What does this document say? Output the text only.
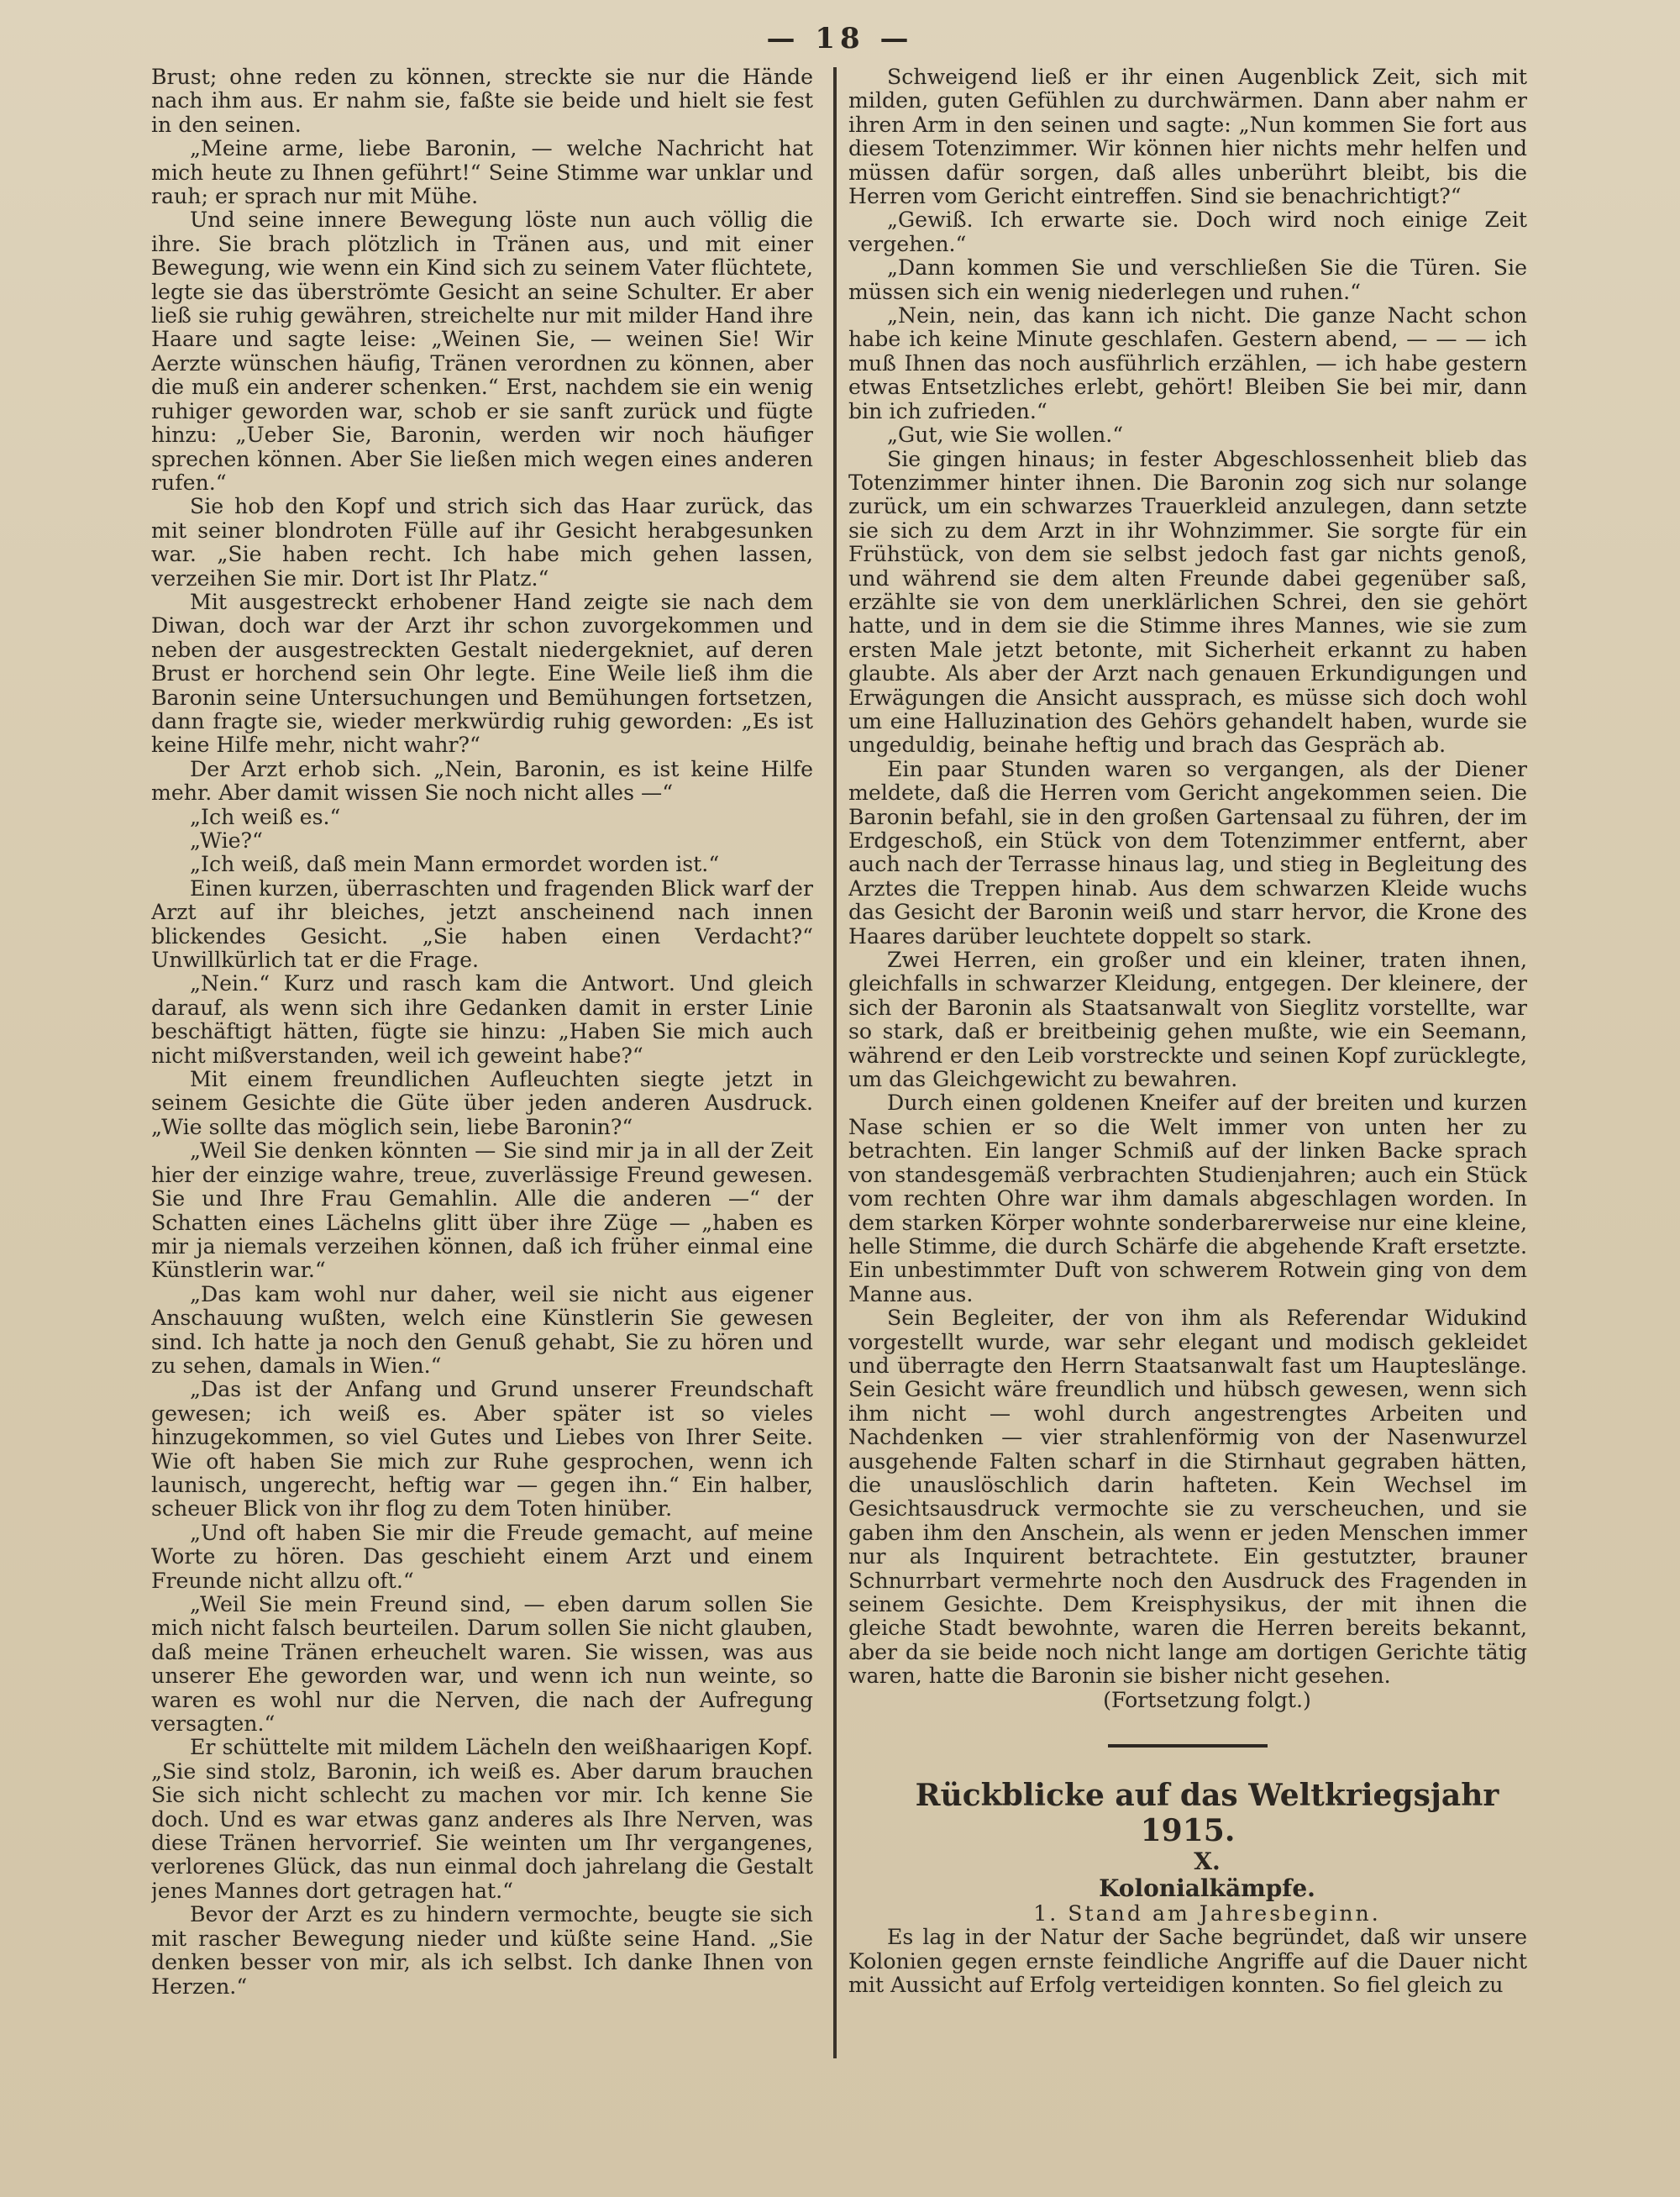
— 18 —

Brust; ohne reden zu können, streckte sie nur die Hände nach ihm aus. Er nahm sie, faßte sie beide und hielt sie fest in den seinen.

„Meine arme, liebe Baronin, — welche Nachricht hat mich heute zu Ihnen geführt!“ Seine Stimme war unklar und rauh; er sprach nur mit Mühe.

Und seine innere Bewegung löste nun auch völlig die ihre. Sie brach plötzlich in Tränen aus, und mit einer Bewegung, wie wenn ein Kind sich zu seinem Vater flüchtete, legte sie das überströmte Gesicht an seine Schulter. Er aber ließ sie ruhig gewähren, streichelte nur mit milder Hand ihre Haare und sagte leise: „Weinen Sie, — weinen Sie! Wir Aerzte wünschen häufig, Tränen verordnen zu können, aber die muß ein anderer schenken.“ Erst, nachdem sie ein wenig ruhiger geworden war, schob er sie sanft zurück und fügte hinzu: „Ueber Sie, Baronin, werden wir noch häufiger sprechen können. Aber Sie ließen mich wegen eines anderen rufen.“

Sie hob den Kopf und strich sich das Haar zurück, das mit seiner blondroten Fülle auf ihr Gesicht herabgesunken war. „Sie haben recht. Ich habe mich gehen lassen, verzeihen Sie mir. Dort ist Ihr Platz.“

Mit ausgestreckt erhobener Hand zeigte sie nach dem Diwan, doch war der Arzt ihr schon zuvorgekommen und neben der ausgestreckten Gestalt niedergekniet, auf deren Brust er horchend sein Ohr legte. Eine Weile ließ ihm die Baronin seine Untersuchungen und Bemühungen fortsetzen, dann fragte sie, wieder merkwürdig ruhig geworden: „Es ist keine Hilfe mehr, nicht wahr?“

Der Arzt erhob sich. „Nein, Baronin, es ist keine Hilfe mehr. Aber damit wissen Sie noch nicht alles —“

„Ich weiß es.“

„Wie?“

„Ich weiß, daß mein Mann ermordet worden ist.“

Einen kurzen, überraschten und fragenden Blick warf der Arzt auf ihr bleiches, jetzt anscheinend nach innen blickendes Gesicht. „Sie haben einen Verdacht?“ Unwillkürlich tat er die Frage.

„Nein.“ Kurz und rasch kam die Antwort. Und gleich darauf, als wenn sich ihre Gedanken damit in erster Linie beschäftigt hätten, fügte sie hinzu: „Haben Sie mich auch nicht mißverstanden, weil ich geweint habe?“

Mit einem freundlichen Aufleuchten siegte jetzt in seinem Gesichte die Güte über jeden anderen Ausdruck. „Wie sollte das möglich sein, liebe Baronin?“

„Weil Sie denken könnten — Sie sind mir ja in all der Zeit hier der einzige wahre, treue, zuverlässige Freund gewesen. Sie und Ihre Frau Gemahlin. Alle die anderen —“ der Schatten eines Lächelns glitt über ihre Züge — „haben es mir ja niemals verzeihen können, daß ich früher einmal eine Künstlerin war.“

„Das kam wohl nur daher, weil sie nicht aus eigener Anschauung wußten, welch eine Künstlerin Sie gewesen sind. Ich hatte ja noch den Genuß gehabt, Sie zu hören und zu sehen, damals in Wien.“

„Das ist der Anfang und Grund unserer Freundschaft gewesen; ich weiß es. Aber später ist so vieles hinzugekommen, so viel Gutes und Liebes von Ihrer Seite. Wie oft haben Sie mich zur Ruhe gesprochen, wenn ich launisch, ungerecht, heftig war — gegen ihn.“ Ein halber, scheuer Blick von ihr flog zu dem Toten hinüber.

„Und oft haben Sie mir die Freude gemacht, auf meine Worte zu hören. Das geschieht einem Arzt und einem Freunde nicht allzu oft.“

„Weil Sie mein Freund sind, — eben darum sollen Sie mich nicht falsch beurteilen. Darum sollen Sie nicht glauben, daß meine Tränen erheuchelt waren. Sie wissen, was aus unserer Ehe geworden war, und wenn ich nun weinte, so waren es wohl nur die Nerven, die nach der Aufregung versagten.“

Er schüttelte mit mildem Lächeln den weißhaarigen Kopf. „Sie sind stolz, Baronin, ich weiß es. Aber darum brauchen Sie sich nicht schlecht zu machen vor mir. Ich kenne Sie doch. Und es war etwas ganz anderes als Ihre Nerven, was diese Tränen hervorrief. Sie weinten um Ihr vergangenes, verlorenes Glück, das nun einmal doch jahrelang die Gestalt jenes Mannes dort getragen hat.“

Bevor der Arzt es zu hindern vermochte, beugte sie sich mit rascher Bewegung nieder und küßte seine Hand. „Sie denken besser von mir, als ich selbst. Ich danke Ihnen von Herzen.“

Schweigend ließ er ihr einen Augenblick Zeit, sich mit milden, guten Gefühlen zu durchwärmen. Dann aber nahm er ihren Arm in den seinen und sagte: „Nun kommen Sie fort aus diesem Totenzimmer. Wir können hier nichts mehr helfen und müssen dafür sorgen, daß alles unberührt bleibt, bis die Herren vom Gericht eintreffen. Sind sie benachrichtigt?“

„Gewiß. Ich erwarte sie. Doch wird noch einige Zeit vergehen.“

„Dann kommen Sie und verschließen Sie die Türen. Sie müssen sich ein wenig niederlegen und ruhen.“

„Nein, nein, das kann ich nicht. Die ganze Nacht schon habe ich keine Minute geschlafen. Gestern abend, — — — ich muß Ihnen das noch ausführlich erzählen, — ich habe gestern etwas Entsetzliches erlebt, gehört! Bleiben Sie bei mir, dann bin ich zufrieden.“

„Gut, wie Sie wollen.“

Sie gingen hinaus; in fester Abgeschlossenheit blieb das Totenzimmer hinter ihnen. Die Baronin zog sich nur solange zurück, um ein schwarzes Trauerkleid anzulegen, dann setzte sie sich zu dem Arzt in ihr Wohnzimmer. Sie sorgte für ein Frühstück, von dem sie selbst jedoch fast gar nichts genoß, und während sie dem alten Freunde dabei gegenüber saß, erzählte sie von dem unerklärlichen Schrei, den sie gehört hatte, und in dem sie die Stimme ihres Mannes, wie sie zum ersten Male jetzt betonte, mit Sicherheit erkannt zu haben glaubte. Als aber der Arzt nach genauen Erkundigungen und Erwägungen die Ansicht aussprach, es müsse sich doch wohl um eine Halluzination des Gehörs gehandelt haben, wurde sie ungeduldig, beinahe heftig und brach das Gespräch ab.

Ein paar Stunden waren so vergangen, als der Diener meldete, daß die Herren vom Gericht angekommen seien. Die Baronin befahl, sie in den großen Gartensaal zu führen, der im Erdgeschoß, ein Stück von dem Totenzimmer entfernt, aber auch nach der Terrasse hinaus lag, und stieg in Begleitung des Arztes die Treppen hinab. Aus dem schwarzen Kleide wuchs das Gesicht der Baronin weiß und starr hervor, die Krone des Haares darüber leuchtete doppelt so stark.

Zwei Herren, ein großer und ein kleiner, traten ihnen, gleichfalls in schwarzer Kleidung, entgegen. Der kleinere, der sich der Baronin als Staatsanwalt von Sieglitz vorstellte, war so stark, daß er breitbeinig gehen mußte, wie ein Seemann, während er den Leib vorstreckte und seinen Kopf zurücklegte, um das Gleichgewicht zu bewahren.

Durch einen goldenen Kneifer auf der breiten und kurzen Nase schien er so die Welt immer von unten her zu betrachten. Ein langer Schmiß auf der linken Backe sprach von standesgemäß verbrachten Studienjahren; auch ein Stück vom rechten Ohre war ihm damals abgeschlagen worden. In dem starken Körper wohnte sonderbarerweise nur eine kleine, helle Stimme, die durch Schärfe die abgehende Kraft ersetzte. Ein unbestimmter Duft von schwerem Rotwein ging von dem Manne aus.

Sein Begleiter, der von ihm als Referendar Widukind vorgestellt wurde, war sehr elegant und modisch gekleidet und überragte den Herrn Staatsanwalt fast um Haupteslänge. Sein Gesicht wäre freundlich und hübsch gewesen, wenn sich ihm nicht — wohl durch angestrengtes Arbeiten und Nachdenken — vier strahlenförmig von der Nasenwurzel ausgehende Falten scharf in die Stirnhaut gegraben hätten, die unauslöschlich darin hafteten. Kein Wechsel im Gesichtsausdruck vermochte sie zu verscheuchen, und sie gaben ihm den Anschein, als wenn er jeden Menschen immer nur als Inquirent betrachtete. Ein gestutzter, brauner Schnurrbart vermehrte noch den Ausdruck des Fragenden in seinem Gesichte. Dem Kreisphysikus, der mit ihnen die gleiche Stadt bewohnte, waren die Herren bereits bekannt, aber da sie beide noch nicht lange am dortigen Gerichte tätig waren, hatte die Baronin sie bisher nicht gesehen.

(Fortsetzung folgt.)

Rückblicke auf das Weltkriegsjahr 1915.

X.

Kolonialkämpfe.

1. Stand am Jahresbeginn.

Es lag in der Natur der Sache begründet, daß wir unsere Kolonien gegen ernste feindliche Angriffe auf die Dauer nicht mit Aussicht auf Erfolg verteidigen konnten. So fiel gleich zu
